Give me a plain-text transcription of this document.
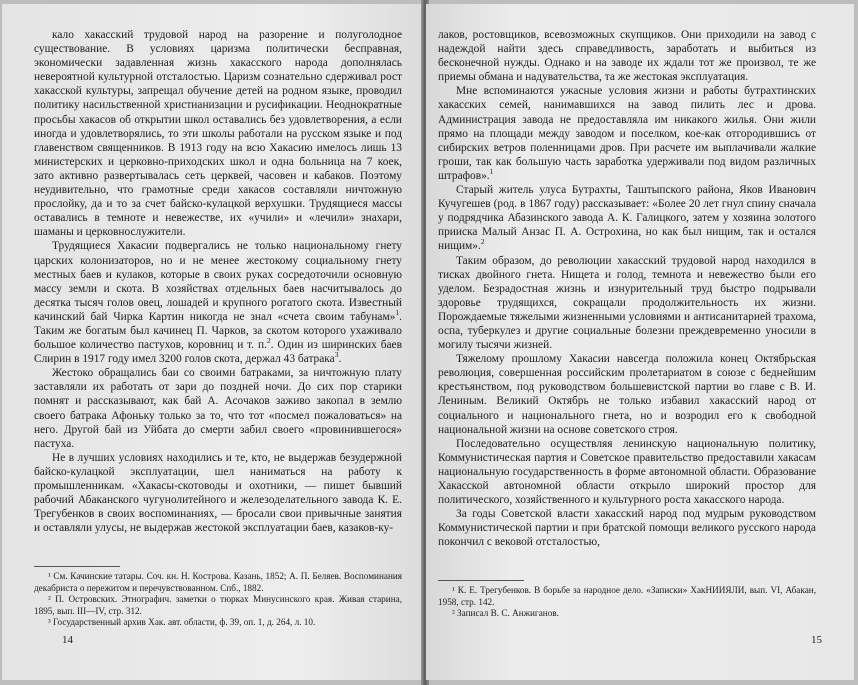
кало хакасский трудовой народ на разорение и полуголодное существование. В условиях царизма политически бесправная, экономически задавленная жизнь хакасского народа дополнялась невероятной культурной отсталостью. Царизм сознательно сдерживал рост хакасской культуры, запрещал обучение детей на родном языке, проводил политику насильственной христианизации и русификации. Неоднократные просьбы хакасов об открытии школ оставались без удовлетворения, а если иногда и удовлетворялись, то эти школы работали на русском языке и под главенством священников. В 1913 году на всю Хакасию имелось лишь 13 министерских и церковно-приходских школ и одна больница на 7 коек, зато активно развертывалась сеть церквей, часовен и кабаков. Поэтому неудивительно, что грамотные среди хакасов составляли ничтожную прослойку, да и то за счет байско-кулацкой верхушки. Трудящиеся массы оставались в темноте и невежестве, их «учили» и «лечили» знахари, шаманы и церковнослужители.

Трудящиеся Хакасии подвергались не только национальному гнету царских колонизаторов, но и не менее жестокому социальному гнету местных баев и кулаков, которые в своих руках сосредоточили основную массу земли и скота. В хозяйствах отдельных баев насчитывалось до десятка тысяч голов овец, лошадей и крупного рогатого скота. Известный качинский бай Чирка Картин никогда не знал «счета своим табунам»$^1$. Таким же богатым был качинец П. Чарков, за скотом которого ухаживало большое количество пастухов, коровниц и т. п.$^2$. Один из ширинских баев Слирин в 1917 году имел 3200 голов скота, держал 43 батрака$^3$.

Жестоко обращались баи со своими батраками, за ничтожную плату заставляли их работать от зари до поздней ночи. До сих пор старики помнят и рассказывают, как бай А. Асочаков заживо закопал в землю своего батрака Афоньку только за то, что тот «посмел пожаловаться» на него. Другой бай из Уйбата до смерти забил своего «провинившегося» пастуха.

Не в лучших условиях находились и те, кто, не выдержав безудержной байско-кулацкой эксплуатации, шел наниматься на работу к промышленникам. «Хакасы-скотоводы и охотники, — пишет бывший рабочий Абаканского чугунолитейного и железоделательного завода К. Е. Трегубенков в своих воспоминаниях, — бросали свои привычные занятия и оставляли улусы, не выдержав жестокой эксплуатации баев, казаков-ку-

¹ См. Качинские татары. Соч. кн. Н. Кострова. Казань, 1852; А. П. Беляев. Воспоминания декабриста о пережитом и перечувствованном. Спб., 1882.

² П. Островских. Этнографич. заметки о тюрках Минусинского края. Живая старина, 1895, вып. III—IV, стр. 312.

³ Государственный архив Хак. авт. области, ф. 39, оп. 1, д. 264, л. 10.

14

лаков, ростовщиков, всевозможных скупщиков. Они приходили на завод с надеждой найти здесь справедливость, заработать и выбиться из бесконечной нужды. Однако и на заводе их ждали тот же произвол, те же приемы обмана и надувательства, та же жестокая эксплуатация.

Мне вспоминаются ужасные условия жизни и работы бутрахтинских хакасских семей, нанимавшихся на завод пилить лес и дрова. Администрация завода не предоставляла им никакого жилья. Они жили прямо на площади между заводом и поселком, кое-как отгородившись от сибирских ветров поленницами дров. При расчете им выплачивали жалкие гроши, так как большую часть заработка удерживали под видом различных штрафов».$^1$

Старый житель улуса Бутрахты, Таштыпского района, Яков Иванович Кучугешев (род. в 1867 году) рассказывает: «Более 20 лет гнул спину сначала у подрядчика Абазинского завода А. К. Галицкого, затем у хозяина золотого прииска Малый Анзас П. А. Острохина, но как был нищим, так и остался нищим».$^2$

Таким образом, до революции хакасский трудовой народ находился в тисках двойного гнета. Нищета и голод, темнота и невежество были его уделом. Безрадостная жизнь и изнурительный труд быстро подрывали здоровье трудящихся, сокращали продолжительность их жизни. Порождаемые тяжелыми жизненными условиями и антисанитарией трахома, оспа, туберкулез и другие социальные болезни преждевременно уносили в могилу тысячи жизней.

Тяжелому прошлому Хакасии навсегда положила конец Октябрьская революция, совершенная российским пролетариатом в союзе с беднейшим крестьянством, под руководством большевистской партии во главе с В. И. Лениным. Великий Октябрь не только избавил хакасский народ от социального и национального гнета, но и возродил его к свободной национальной жизни на основе советского строя.

Последовательно осуществляя ленинскую национальную политику, Коммунистическая партия и Советское правительство предоставили хакасам национальную государственность в форме автономной области. Образование Хакасской автономной области открыло широкий простор для политического, хозяйственного и культурного роста хакасского народа.

За годы Советской власти хакасский народ под мудрым руководством Коммунистической партии и при братской помощи великого русского народа покончил с вековой отсталостью,

¹ К. Е. Трегубенков. В борьбе за народное дело. «Записки» ХакНИИЯЛИ, вып. VI, Абакан, 1958, стр. 142.

² Записал В. С. Анжиганов.

15
